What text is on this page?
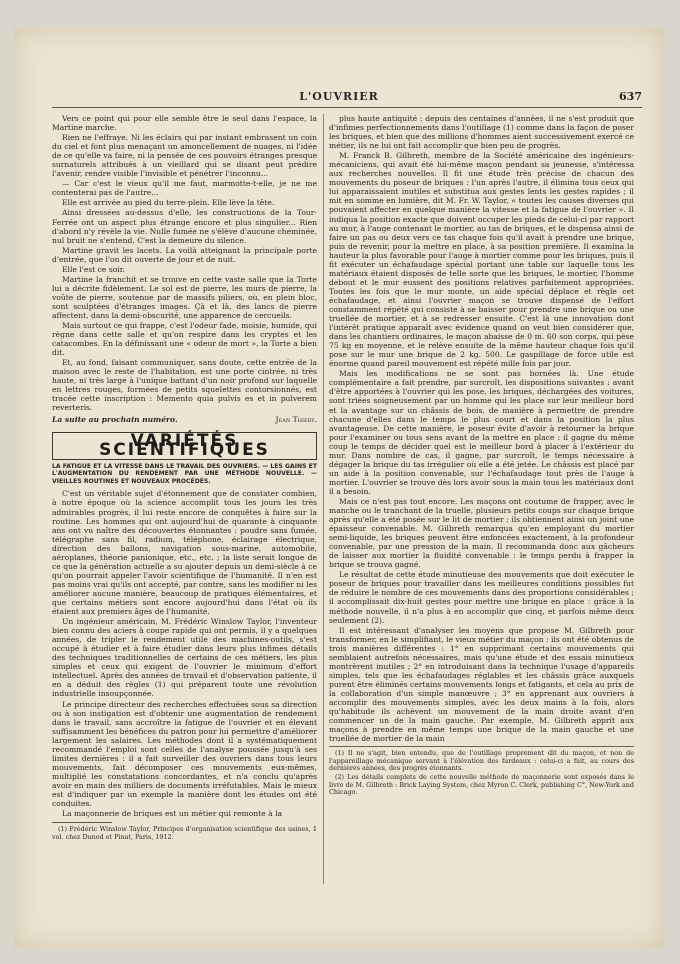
L'OUVRIER	637

Vers ce point qui pour elle semble être le seul dans l'espace, la Martine marche.

Rien ne l'effraye. Ni les éclairs qui par instant embrasent un coin du ciel et font plus menaçant un amoncellement de nuages, ni l'idée de ce qu'elle va faire, ni la pensée de ces pouvoirs étranges presque surnaturels attribués à un vieillard qui se disant peut prédire l'avenir, rendre visible l'invisible et pénétrer l'inconnu...

— Car c'est le vieux qu'il me faut, marmotte-t-elle, je ne me contenterai pas de l'autre...

Elle est arrivée au pied du terre-plein. Elle lève la tête.

Ainsi dressées au-dessus d'elle, les constructions de la Tour-Ferrée ont un aspect plus étrange encore et plus singulier... Rien d'abord n'y révèle la vie. Nulle fumée ne s'élève d'aucune cheminée, nul bruit ne s'entend. C'est la demeure du silence.

Martine gravit les lacets. La voilà atteignant la principale porte d'entrée, que l'on dit ouverte de jour et de nuit.

Elle l'est ce soir.

Martine la franchit et se trouve en cette vaste salle que la Torte lui a décrite fidèlement. Le sol est de pierre, les murs de pierre, la voûte de pierre, soutenue par de massifs piliers, où, en plein bloc, sont sculptées d'étranges images. Çà et là, des lancs de pierre affectent, dans la demi-obscurité, une apparence de cercueils.

Mais surtout ce qui frappe, c'est l'odeur fade, moisie, humide, qui règne dans cette salle et qu'on respire dans les cryptes et les catacombes. En la définissant une « odeur de mort », la Torte a bien dit.

Et, au fond, faisant communiquer, sans doute, cette entrée de la maison avec le reste de l'habitation, est une porte cintrée, ni très haute, ni très large à l'unique battant d'un noir profond sur laquelle en lettres rouges, formées de petits squelettes contorsionnés, est tracée cette inscription : Memento quia pulvis es et in pulverem reverteris.

La suite au prochain numéro.	Jean Thiéry.
VARIÉTÉS SCIENTIFIQUES
LA FATIGUE ET LA VITESSE DANS LE TRAVAIL DES OUVRIERS. — LES GAINS ET L'AUGMENTATION DU RENDEMENT PAR UNE MÉTHODE NOUVELLE. — VIEILLES ROUTINES ET NOUVEAUX PROCÉDÉS.

C'est un véritable sujet d'étonnement que de constater combien, à notre époque où la science accomplit tous les jours les très admirables progrès, il lui reste encore de conquêtes à faire sur la routine. Les hommes qui ont aujourd'hui de quarante à cinquante ans ont vu naître des découvertes étonnantes : poudre sans fumée, télégraphe sans fil, radium, téléphone, éclairage électrique, direction des ballons, navigation sous-marine, automobile, aéroplanes, théorie panionique, etc., etc. ; la liste serait longue de ce que la génération actuelle a su ajouter depuis un demi-siècle à ce qu'on pourrait appeler l'avoir scientifique de l'humanité. Il n'en est pas moins vrai qu'ils ont accepté, par contre, sans les modifier ni les améliorer aucune manière, beaucoup de pratiques élémentaires, et que certains métiers sont encore aujourd'hui dans l'état où ils étaient aux premiers âges de l'humanité.

Un ingénieur américain, M. Frédéric Winslow Taylor, l'inventeur bien connu des aciers à coupe rapide qui ont permis, il y a quelques années, de tripler le rendement utile des machines-outils, s'est occupé à étudier et à faire étudier dans leurs plus infimes détails des techniques traditionnelles de certains de ces métiers, les plus simples et ceux qui exigent de l'ouvrier le minimum d'effort intellectuel. Après des années de travail et d'observation patiente, il en a déduit des règles (1) qui préparent toute une révolution industrielle insoupçonnée.

Le principe directeur des recherches effectuées sous sa direction ou à son instigation est d'obtenir une augmentation de rendement dans le travail, sans accroître la fatigue de l'ouvrier et en élevant suffisamment les bénéfices du patron pour lui permettre d'améliorer largement les salaires. Les méthodes dont il a systématiquement recommandé l'emploi sont celles de l'analyse poussée jusqu'à ses limites dernières : il a fait surveiller des ouvriers dans tous leurs mouvements, fait décomposer ces mouvements eux-mêmes, multiplié les constatations concordantes, et n'a conclu qu'après avoir en main des milliers de documents irréfutables. Mais le mieux est d'indiquer par un exemple la manière dont les études ont été conduites.

La maçonnerie de briques est un métier qui remonte à la

(1) Frédéric Winslow Taylor, Principes d'organisation scientifique des usines, 1 vol. chez Dunod et Pinat, Paris, 1912.

plus haute antiquité : depuis des centaines d'années, il ne s'est produit que d'infimes perfectionnements dans l'outillage (1) comme dans la façon de poser les briques, et bien que des millions d'hommes aient successivement exercé ce métier, ils ne lui ont fait accomplir que bien peu de progrès.

M. Franck B. Gilbreth, membre de la Société américaine des ingénieurs-mécaniciens, qui avait été lui-même maçon pendant sa jeunesse, s'intéressa aux recherches nouvelles. Il fit une étude très précise de chacun des mouvements du poseur de briques : l'un après l'autre, il élimina tous ceux qui lui apparaissaient inutiles et substitua aux gestes lents les gestes rapides ; il mit en somme en lumière, dit M. Fr. W. Taylor, « toutes les causes diverses qui pouvaient affecter en quelque manière la vitesse et la fatigue de l'ouvrier ». Il indiqua la position exacte que doivent occuper les pieds de celui-ci par rapport au mur, à l'auge contenant le mortier, au tas de briques, et le dispensa ainsi de faire un pas ou deux vers ce tas chaque fois qu'il avait à prendre une brique, puis de revenir, pour la mettre en place, à sa position première. Il examina la hauteur la plus favorable pour l'auge à mortier comme pour les briques, puis il fit exécuter un échafaudage spécial portant une table sur laquelle tous les matériaux étaient disposés de telle sorte que les briques, le mortier, l'homme debout et le mur eussent des positions relatives parfaitement appropriées. Toutes les fois que le mur monte, un aide spécial déplace et règle cet échafaudage, et ainsi l'ouvrier maçon se trouve dispensé de l'effort constamment répété qui consiste à se baisser pour prendre une brique ou une truellée de mortier, et à se redresser ensuite. C'est là une innovation dont l'intérêt pratique apparaît avec évidence quand on veut bien considérer que, dans les chantiers ordinaires, le maçon abaisse de 0 m. 60 son corps, qui pèse 75 kg en moyenne, et le relève ensuite de la même hauteur chaque fois qu'il pose sur le mur une brique de 2 kg. 500. Le gaspillage de force utile est énorme quand pareil mouvement est répété mille fois par jour.

Mais les modifications ne se sont pas bornées là. Une étude complémentaire a fait prendre, par surcroît, les dispositions suivantes : avant d'être apportées à l'ouvrier qui les pose, les briques, déchargées des voitures, sont triées soigneusement par un homme qui les place sur leur meilleur bord et la avantage sur un châssis de bois, de manière à permettre de prendre chacune d'elles dans le temps le plus court et dans la position la plus avantageuse. De cette manière, le poseur évite d'avoir à retourner la brique pour l'examiner ou tous sens avant de la mettre en place : il gagne du même coup le temps de décider quel est le meilleur bord à placer à l'extérieur du mur. Dans nombre de cas, il gagne, par surcroît, le temps nécessaire à dégager la brique du tas irrégulier où elle a été jetée. Le châssis est placé par un aide à la position convenable, sur l'échafaudage tout près de l'auge à mortier. L'ouvrier se trouve dès lors avoir sous la main tous les matériaux dont il a besoin.

Mais ce n'est pas tout encore. Les maçons ont coutume de frapper, avec le manche ou le tranchant de la truelle, plusieurs petits coups sur chaque brique après qu'elle a été posée sur le lit de mortier ; ils obtiennent ainsi un joint une épaisseur convenable. M. Gilbreth remarqua qu'en employant du mortier semi-liquide, les briques peuvent être enfoncées exactement, à la profondeur convenable, par une pression de la main. Il recommanda donc aux gâcheurs de laisser aux mortier la fluidité convenable : le temps perdu à frapper la brique se trouva gagné.

Le résultat de cette étude minutieuse des mouvements que doit exécuter le poseur de briques pour travailler dans les meilleures conditions possibles fut de réduire le nombre de ces mouvements dans des proportions considérables ; il accomplissait dix-huit gestes pour mettre une brique en place : grâce à la méthode nouvelle, il n'a plus à en accomplir que cinq, et parfois même deux seulement (2).

Il est intéressant d'analyser les moyens que propose M. Gilbreth pour transformer, en le simplifiant, le vieux métier du maçon : ils ont été obtenus de trois manières différentes : 1° en supprimant certains mouvements qui semblaient autrefois nécessaires, mais qu'une étude et des essais minutieux montrèrent inutiles ; 2° en introduisant dans la technique l'usage d'appareils simples, tels que les échafaudages réglables et les châssis grâce auxquels purent être éliminés certains mouvements longs et fatigants, et cela au prix de la collaboration d'un simple manœuvre ; 3° en apprenant aux ouvriers à accomplir des mouvements simples, avec les deux mains à la fois, alors qu'habitude ils achèvent un mouvement de la main droite avant d'en commencer un de la main gauche. Par exemple, M. Gilbreth apprit aux maçons à prendre en même temps une brique de la main gauche et une truellée de mortier de la main

(1) Il ne s'agit, bien entendu, que de l'outillage proprement dit du maçon, et non de l'appareillage mécanique servant à l'élévation des fardeaux : celui-ci a fait, au cours des dernières années, des progrès étonnants.

(2) Les détails complets de cette nouvelle méthode de maçonnerie sont exposés dans le livre de M. Gilbreth : Brick Laying System, chez Myron C. Clerk, publishing C°, New-York and Chicago.
